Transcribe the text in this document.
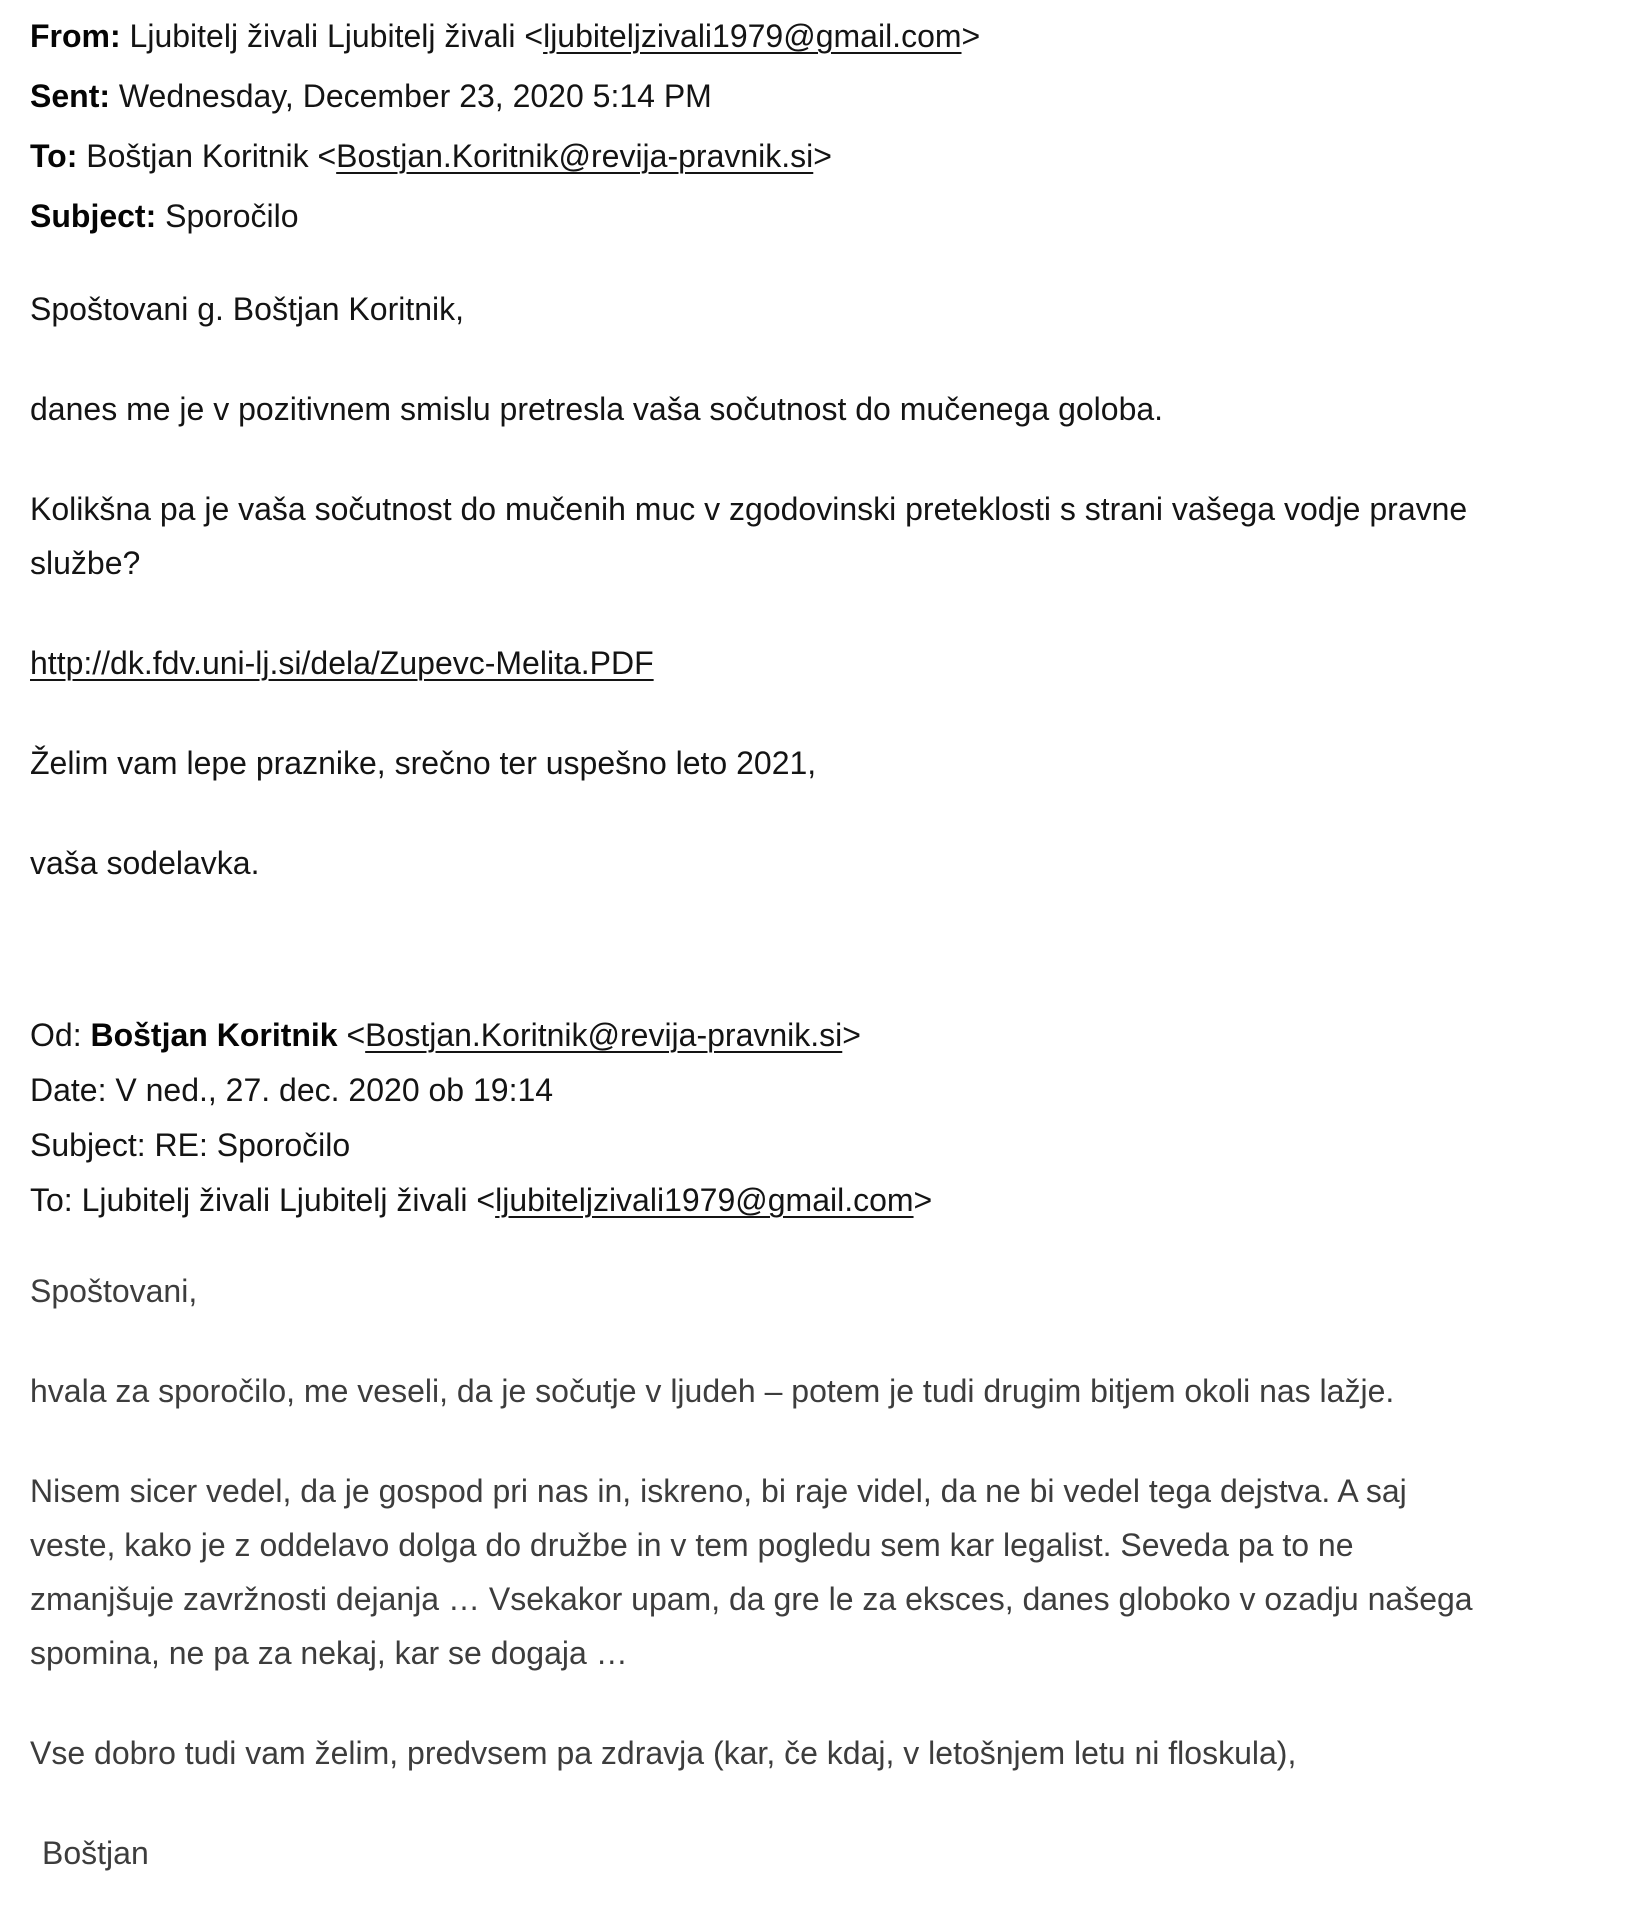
From: Ljubitelj živali Ljubitelj živali <ljubiteljzivali1979@gmail.com>
Sent: Wednesday, December 23, 2020 5:14 PM
To: Boštjan Koritnik <Bostjan.Koritnik@revija-pravnik.si>
Subject: Sporočilo

Spoštovani g. Boštjan Koritnik,

danes me je v pozitivnem smislu pretresla vaša sočutnost do mučenega goloba.

Kolikšna pa je vaša sočutnost do mučenih muc v zgodovinski preteklosti s strani vašega vodje pravne
službe?

http://dk.fdv.uni-lj.si/dela/Zupevc-Melita.PDF

Želim vam lepe praznike, srečno ter uspešno leto 2021,

vaša sodelavka.

Od: Boštjan Koritnik <Bostjan.Koritnik@revija-pravnik.si>
Date: V ned., 27. dec. 2020 ob 19:14
Subject: RE: Sporočilo
To: Ljubitelj živali Ljubitelj živali <ljubiteljzivali1979@gmail.com>

Spoštovani,

hvala za sporočilo, me veseli, da je sočutje v ljudeh – potem je tudi drugim bitjem okoli nas lažje.

Nisem sicer vedel, da je gospod pri nas in, iskreno, bi raje videl, da ne bi vedel tega dejstva. A saj
veste, kako je z oddelavo dolga do družbe in v tem pogledu sem kar legalist. Seveda pa to ne
zmanjšuje zavržnosti dejanja … Vsekakor upam, da gre le za eksces, danes globoko v ozadju našega
spomina, ne pa za nekaj, kar se dogaja …

Vse dobro tudi vam želim, predvsem pa zdravja (kar, če kdaj, v letošnjem letu ni floskula),

Boštjan
